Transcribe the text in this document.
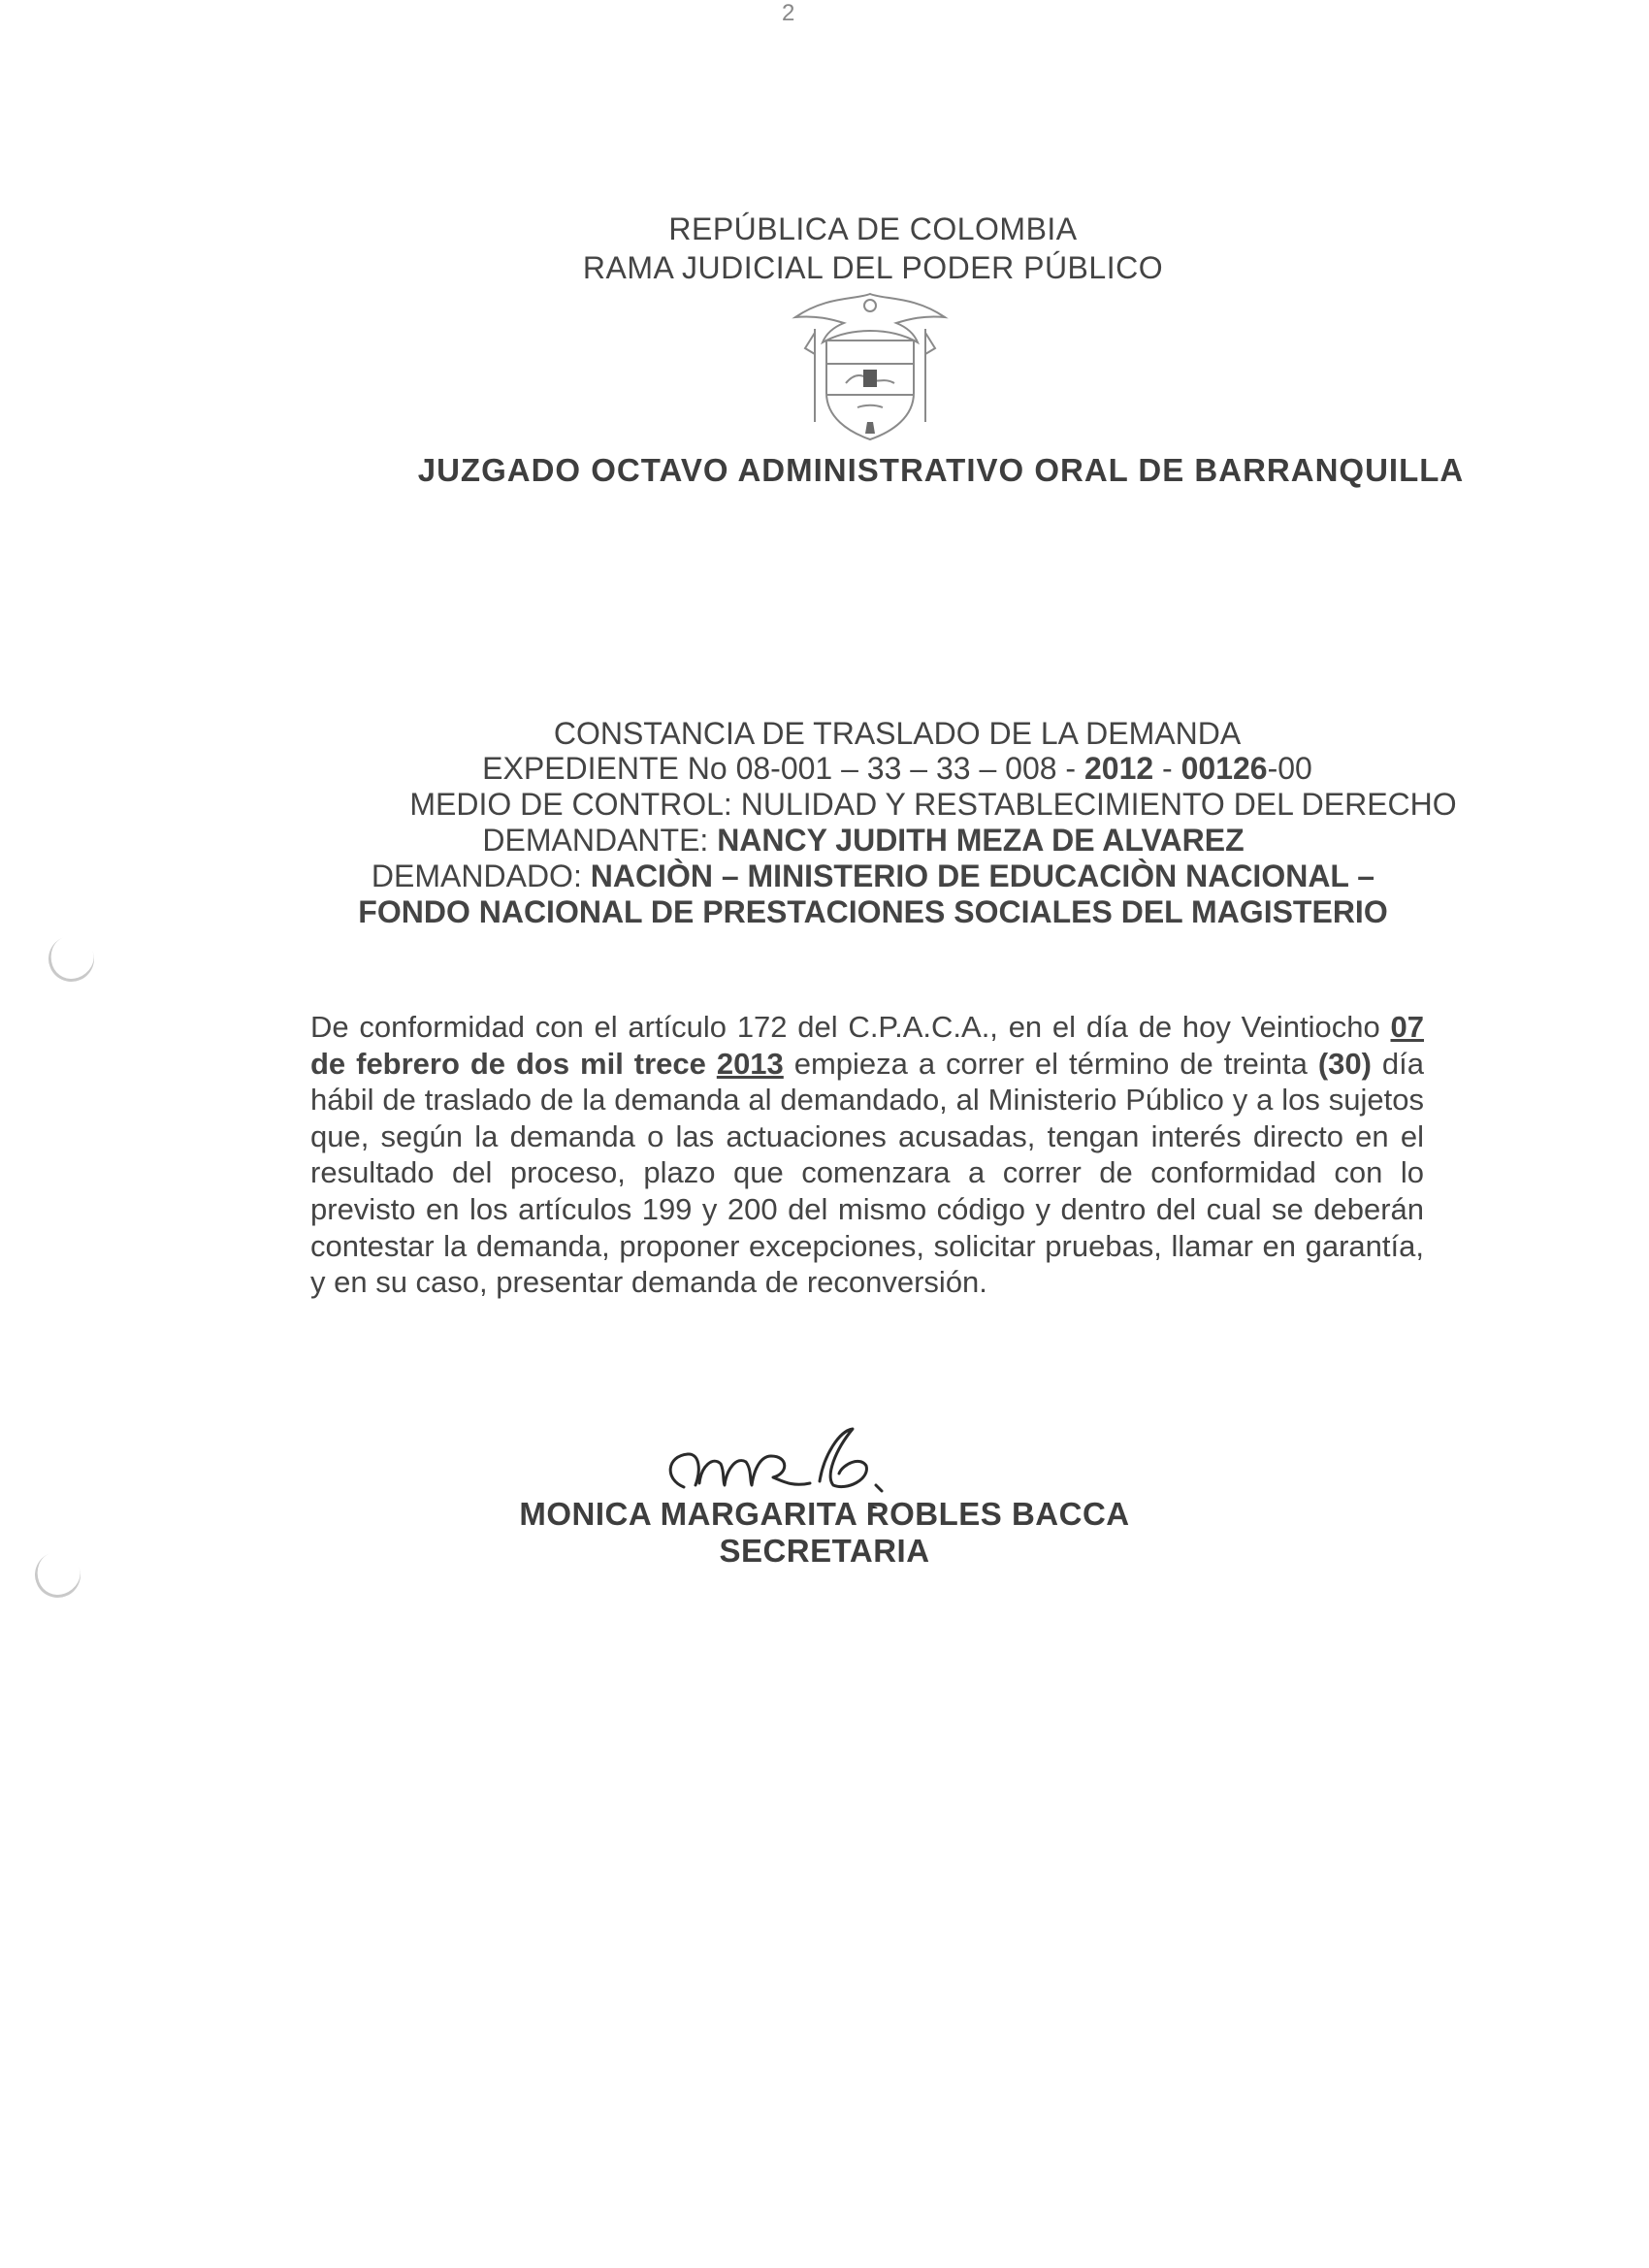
2
REPÚBLICA DE COLOMBIA
RAMA JUDICIAL DEL PODER PÚBLICO
JUZGADO OCTAVO ADMINISTRATIVO ORAL DE BARRANQUILLA
CONSTANCIA DE TRASLADO DE LA DEMANDA
EXPEDIENTE No 08-001 – 33 – 33 – 008 - 2012 - 00126-00
MEDIO DE CONTROL: NULIDAD Y RESTABLECIMIENTO DEL DERECHO
DEMANDANTE: NANCY JUDITH MEZA DE ALVAREZ
DEMANDADO: NACIÒN – MINISTERIO DE EDUCACIÒN NACIONAL –
FONDO NACIONAL DE PRESTACIONES SOCIALES DEL MAGISTERIO
De conformidad con el artículo 172 del C.P.A.C.A., en el día de hoy Veintiocho 07 de febrero de dos mil trece 2013 empieza a correr el término de treinta (30) día hábil de traslado de la demanda al demandado, al Ministerio Público y a los sujetos que, según la demanda o las actuaciones acusadas, tengan interés directo en el resultado del proceso, plazo que comenzara a correr de conformidad con lo previsto en los artículos 199 y 200 del mismo código y dentro del cual se deberán contestar la demanda, proponer excepciones, solicitar pruebas, llamar en garantía, y en su caso, presentar demanda de reconversión.
MONICA MARGARITA ROBLES BACCA
SECRETARIA
